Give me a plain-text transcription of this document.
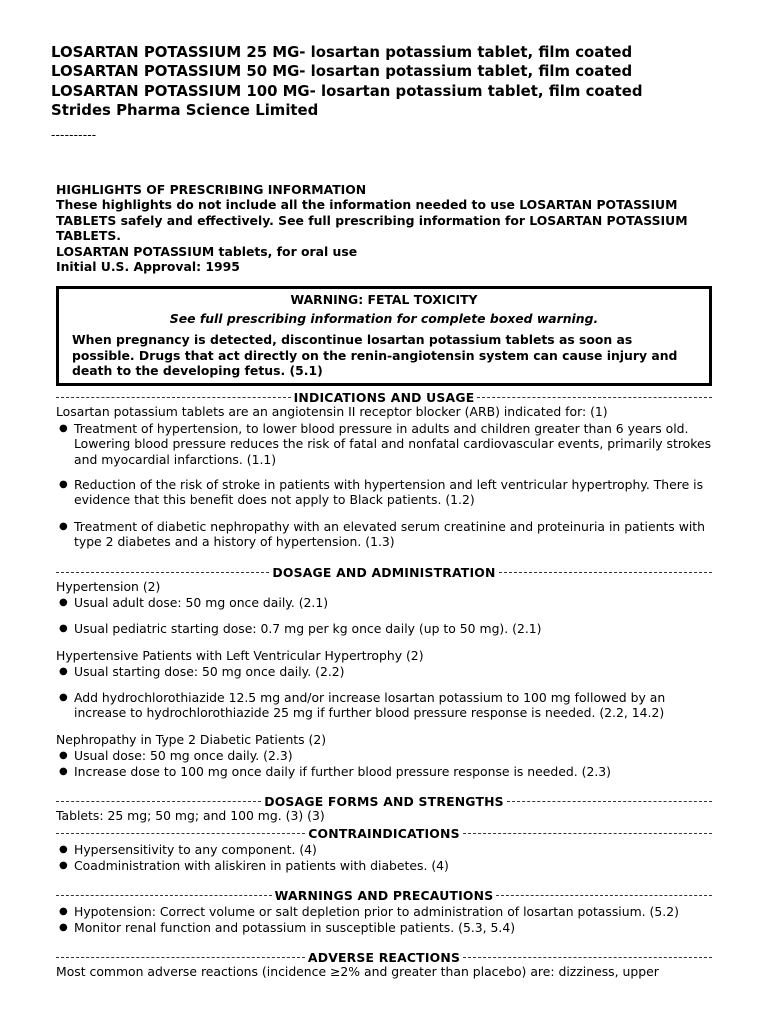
LOSARTAN POTASSIUM 25 MG- losartan potassium tablet, film coated
LOSARTAN POTASSIUM 50 MG- losartan potassium tablet, film coated
LOSARTAN POTASSIUM 100 MG- losartan potassium tablet, film coated
Strides Pharma Science Limited
----------
HIGHLIGHTS OF PRESCRIBING INFORMATION
These highlights do not include all the information needed to use LOSARTAN POTASSIUM
TABLETS safely and effectively. See full prescribing information for LOSARTAN POTASSIUM
TABLETS.
LOSARTAN POTASSIUM tablets, for oral use
Initial U.S. Approval: 1995
WARNING: FETAL TOXICITY
See full prescribing information for complete boxed warning.
When pregnancy is detected, discontinue losartan potassium tablets as soon as
possible. Drugs that act directly on the renin-angiotensin system can cause injury and
death to the developing fetus. (5.1)
INDICATIONS AND USAGE
Losartan potassium tablets are an angiotensin II receptor blocker (ARB) indicated for: (1)
● Treatment of hypertension, to lower blood pressure in adults and children greater than 6 years old.
Lowering blood pressure reduces the risk of fatal and nonfatal cardiovascular events, primarily strokes
and myocardial infarctions. (1.1)
● Reduction of the risk of stroke in patients with hypertension and left ventricular hypertrophy. There is
evidence that this benefit does not apply to Black patients. (1.2)
● Treatment of diabetic nephropathy with an elevated serum creatinine and proteinuria in patients with
type 2 diabetes and a history of hypertension. (1.3)
DOSAGE AND ADMINISTRATION
Hypertension (2)
● Usual adult dose: 50 mg once daily. (2.1)
● Usual pediatric starting dose: 0.7 mg per kg once daily (up to 50 mg). (2.1)
Hypertensive Patients with Left Ventricular Hypertrophy (2)
● Usual starting dose: 50 mg once daily. (2.2)
● Add hydrochlorothiazide 12.5 mg and/or increase losartan potassium to 100 mg followed by an
increase to hydrochlorothiazide 25 mg if further blood pressure response is needed. (2.2, 14.2)
Nephropathy in Type 2 Diabetic Patients (2)
● Usual dose: 50 mg once daily. (2.3)
● Increase dose to 100 mg once daily if further blood pressure response is needed. (2.3)
DOSAGE FORMS AND STRENGTHS
Tablets: 25 mg; 50 mg; and 100 mg. (3) (3)
CONTRAINDICATIONS
● Hypersensitivity to any component. (4)
● Coadministration with aliskiren in patients with diabetes. (4)
WARNINGS AND PRECAUTIONS
● Hypotension: Correct volume or salt depletion prior to administration of losartan potassium. (5.2)
● Monitor renal function and potassium in susceptible patients. (5.3, 5.4)
ADVERSE REACTIONS
Most common adverse reactions (incidence ≥2% and greater than placebo) are: dizziness, upper
